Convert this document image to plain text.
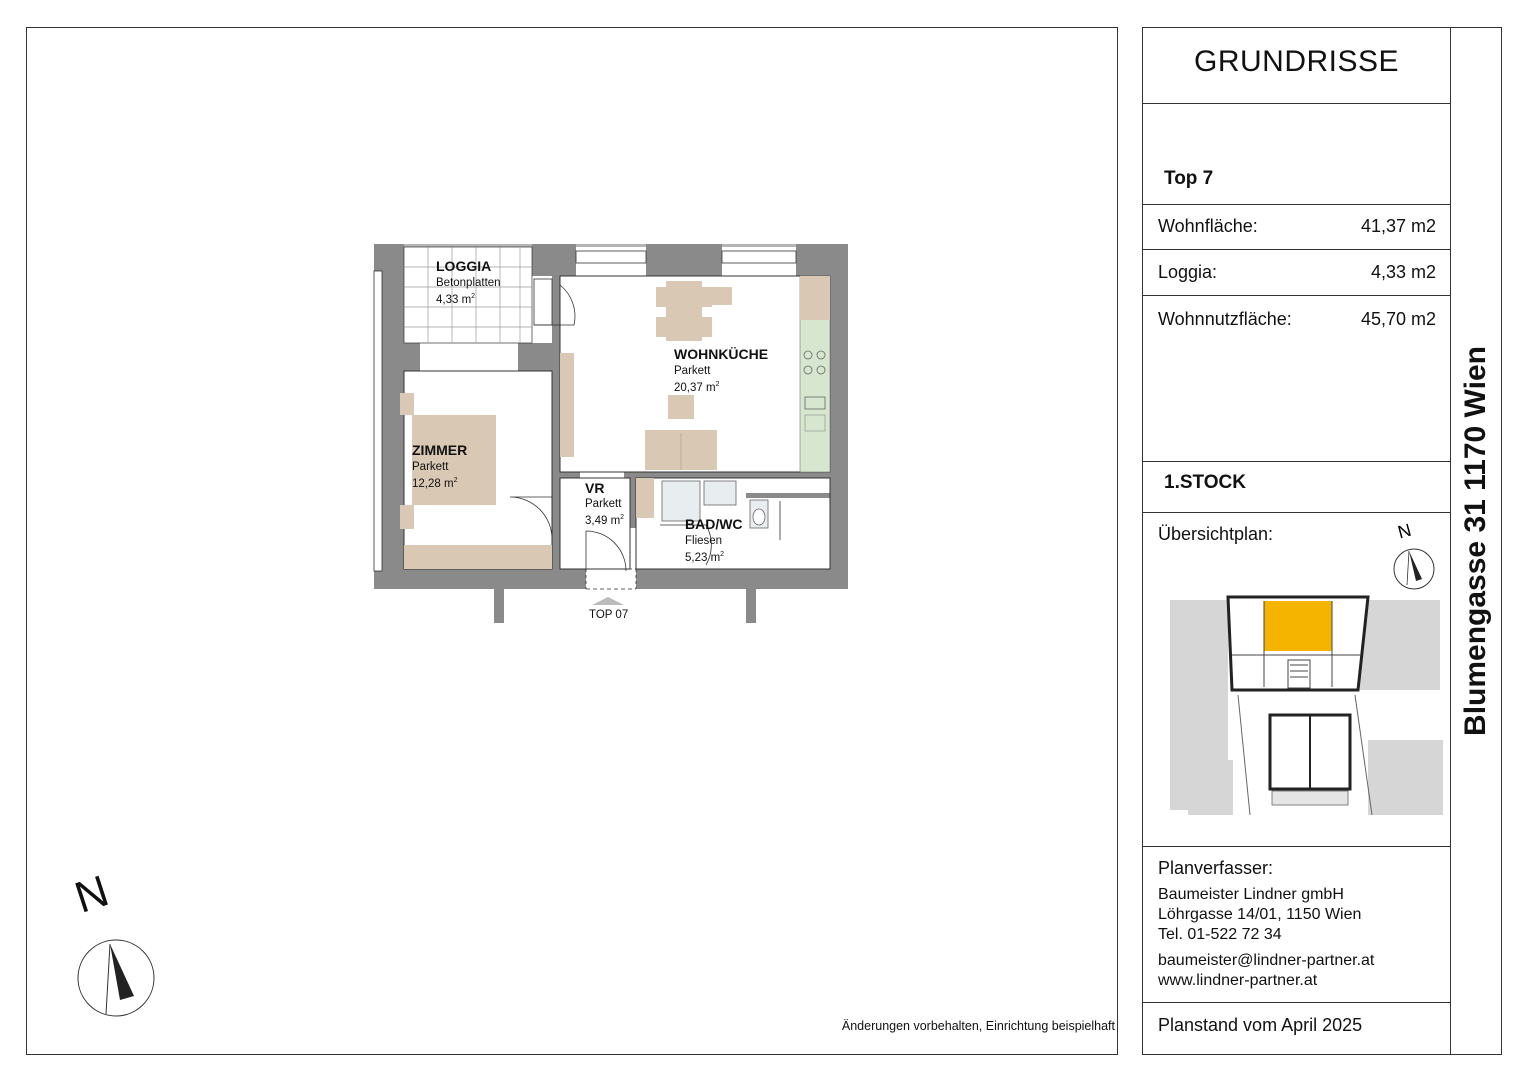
GRUNDRISSE
Top 7
Wohnfläche:	41,37 m2
Loggia:	4,33 m2
Wohnnutzfläche:	45,70 m2
1.STOCK
Übersichtplan:
Planverfasser:
Baumeister Lindner gmbH
Löhrgasse 14/01, 1150 Wien
Tel. 01-522 72 34
baumeister@lindner-partner.at
www.lindner-partner.at
Planstand vom April 2025
Blumengasse 31 1170 Wien
N
LOGGIA
Betonplatten
4,33 $m^2$
WOHNKÜCHE
Parkett
20,37 $m^2$
ZIMMER
Parkett
12,28 $m^2$	VR
Parkett
3,49 $m^2$	BAD/WC
Fliesen
5,23 $m^2$
TOP 07
N
Änderungen vorbehalten, Einrichtung beispielhaft
